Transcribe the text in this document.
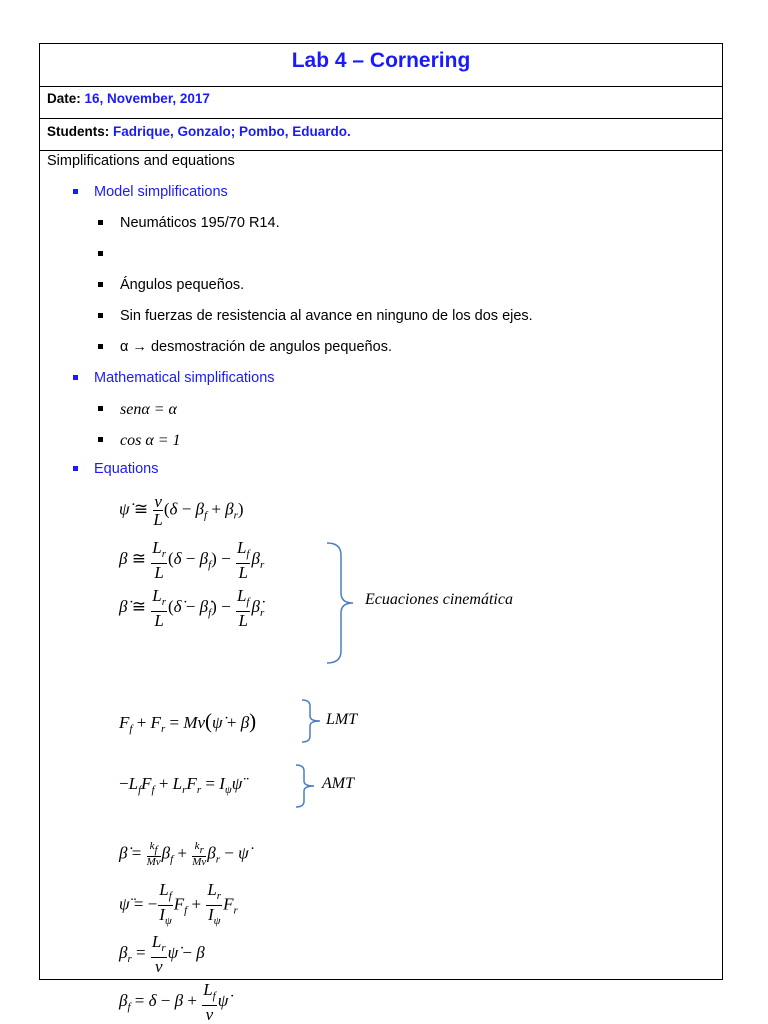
Lab 4 – Cornering
Date: 16, November, 2017
Students: Fadrique, Gonzalo; Pombo, Eduardo.
Simplifications and equations
Model simplifications
Neumáticos 195/70 R14.
Ángulos pequeños.
Sin fuerzas de resistencia al avance en ninguno de los dos ejes.
α → desmostración de angulos pequeños.
Mathematical simplifications
senα = α
cos α = 1
Equations
ψ̇ ≅ $\frac{v}{L} (\delta - \beta_f + \beta_r)$
β ≅ $\frac{L_r}{L} (\delta - \beta_f) - \frac{L_f}{L} \beta_r$
β̇ ≅ $\frac{L_r}{L}$ (δ̇ − $\betȧ_f) - \frac{L_f}{L}$ $\betȧ_r$
Ecuaciones cinemática
$F_f + F_r$ = Mv(ψ̇ + β̇)	LMT
$-L_fF_f + L_rF_r$ = $I_\psi\psï$	AMT
β̇ = $\frac{k_f}{Mv} \beta_f + \frac{k_r}{Mv} \beta_r$ − ψ̇
ψ̈ = − $\frac{L_f}{I_\psi} F_f + \frac{L_r}{I_\psi} F_r$
$\beta_r = \frac{L_r}{v}$ ψ̇ − β
$\beta_f = \delta - \beta + \frac{L_f}{v}$ ψ̇
